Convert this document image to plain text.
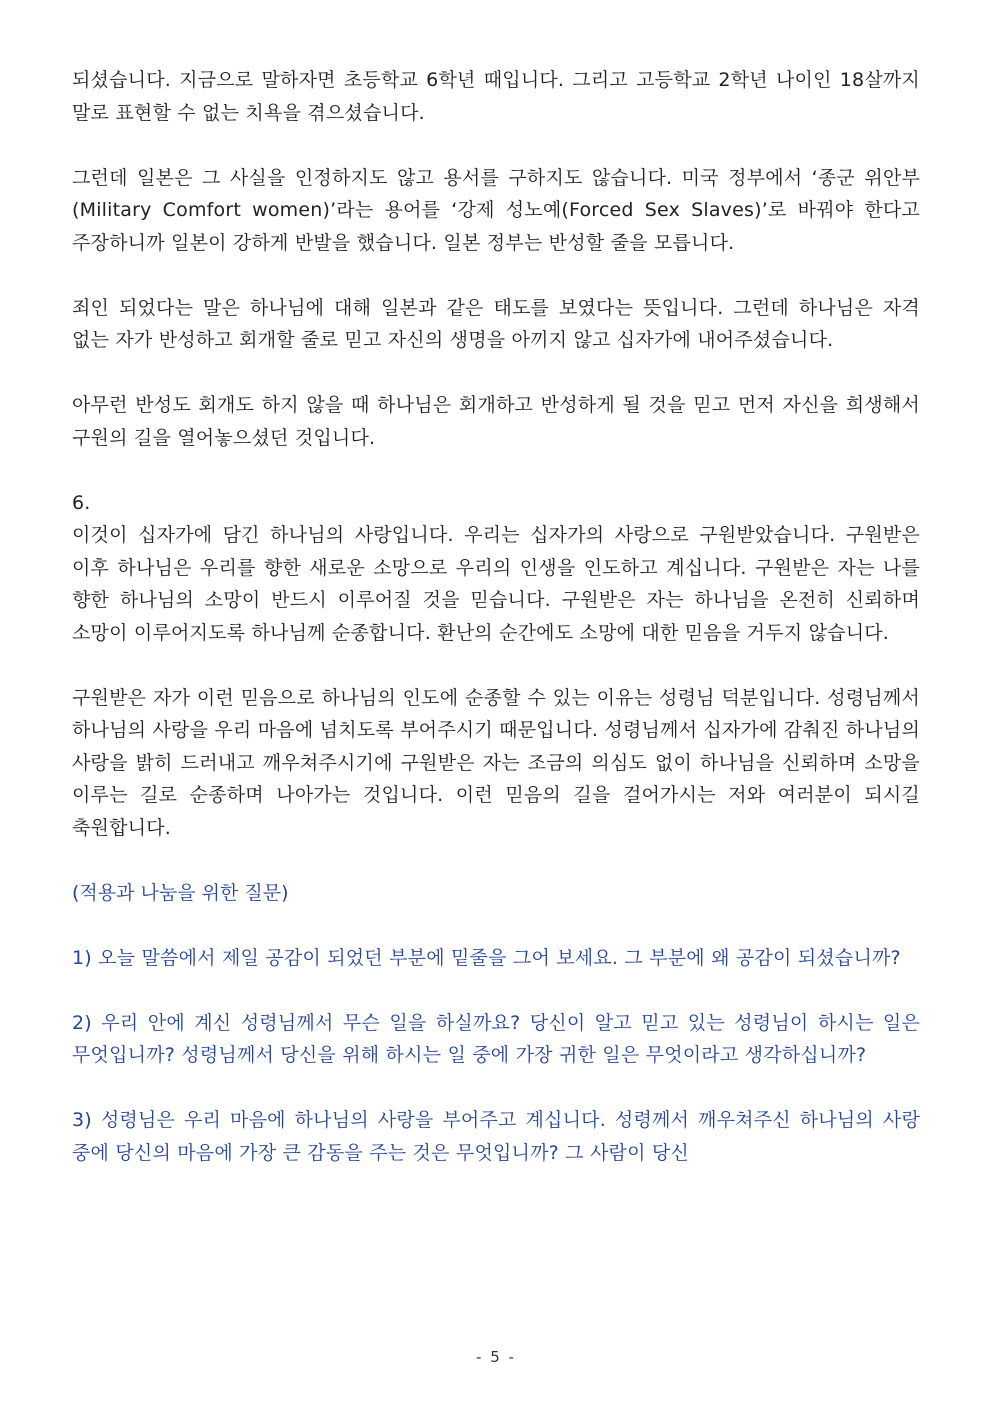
되셨습니다. 지금으로 말하자면 초등학교 6학년 때입니다. 그리고 고등학교 2학년 나이인 18살까지 말로 표현할 수 없는 치욕을 겪으셨습니다.

그런데 일본은 그 사실을 인정하지도 않고 용서를 구하지도 않습니다. 미국 정부에서 ‘종군 위안부(Military Comfort women)’라는 용어를 ‘강제 성노예(Forced Sex Slaves)’로 바꿔야 한다고 주장하니까 일본이 강하게 반발을 했습니다. 일본 정부는 반성할 줄을 모릅니다.

죄인 되었다는 말은 하나님에 대해 일본과 같은 태도를 보였다는 뜻입니다. 그런데 하나님은 자격 없는 자가 반성하고 회개할 줄로 믿고 자신의 생명을 아끼지 않고 십자가에 내어주셨습니다.

아무런 반성도 회개도 하지 않을 때 하나님은 회개하고 반성하게 될 것을 믿고 먼저 자신을 희생해서 구원의 길을 열어놓으셨던 것입니다.

6.

이것이 십자가에 담긴 하나님의 사랑입니다. 우리는 십자가의 사랑으로 구원받았습니다. 구원받은 이후 하나님은 우리를 향한 새로운 소망으로 우리의 인생을 인도하고 계십니다. 구원받은 자는 나를 향한 하나님의 소망이 반드시 이루어질 것을 믿습니다. 구원받은 자는 하나님을 온전히 신뢰하며 소망이 이루어지도록 하나님께 순종합니다. 환난의 순간에도 소망에 대한 믿음을 거두지 않습니다.

구원받은 자가 이런 믿음으로 하나님의 인도에 순종할 수 있는 이유는 성령님 덕분입니다. 성령님께서 하나님의 사랑을 우리 마음에 넘치도록 부어주시기 때문입니다. 성령님께서 십자가에 감춰진 하나님의 사랑을 밝히 드러내고 깨우쳐주시기에 구원받은 자는 조금의 의심도 없이 하나님을 신뢰하며 소망을 이루는 길로 순종하며 나아가는 것입니다. 이런 믿음의 길을 걸어가시는 저와 여러분이 되시길 축원합니다.

(적용과 나눔을 위한 질문)

1) 오늘 말씀에서 제일 공감이 되었던 부분에 밑줄을 그어 보세요. 그 부분에 왜 공감이 되셨습니까?

2) 우리 안에 계신 성령님께서 무슨 일을 하실까요? 당신이 알고 믿고 있는 성령님이 하시는 일은 무엇입니까? 성령님께서 당신을 위해 하시는 일 중에 가장 귀한 일은 무엇이라고 생각하십니까?

3) 성령님은 우리 마음에 하나님의 사랑을 부어주고 계십니다. 성령께서 깨우쳐주신 하나님의 사랑 중에 당신의 마음에 가장 큰 감동을 주는 것은 무엇입니까? 그 사람이 당신

- 5 -
